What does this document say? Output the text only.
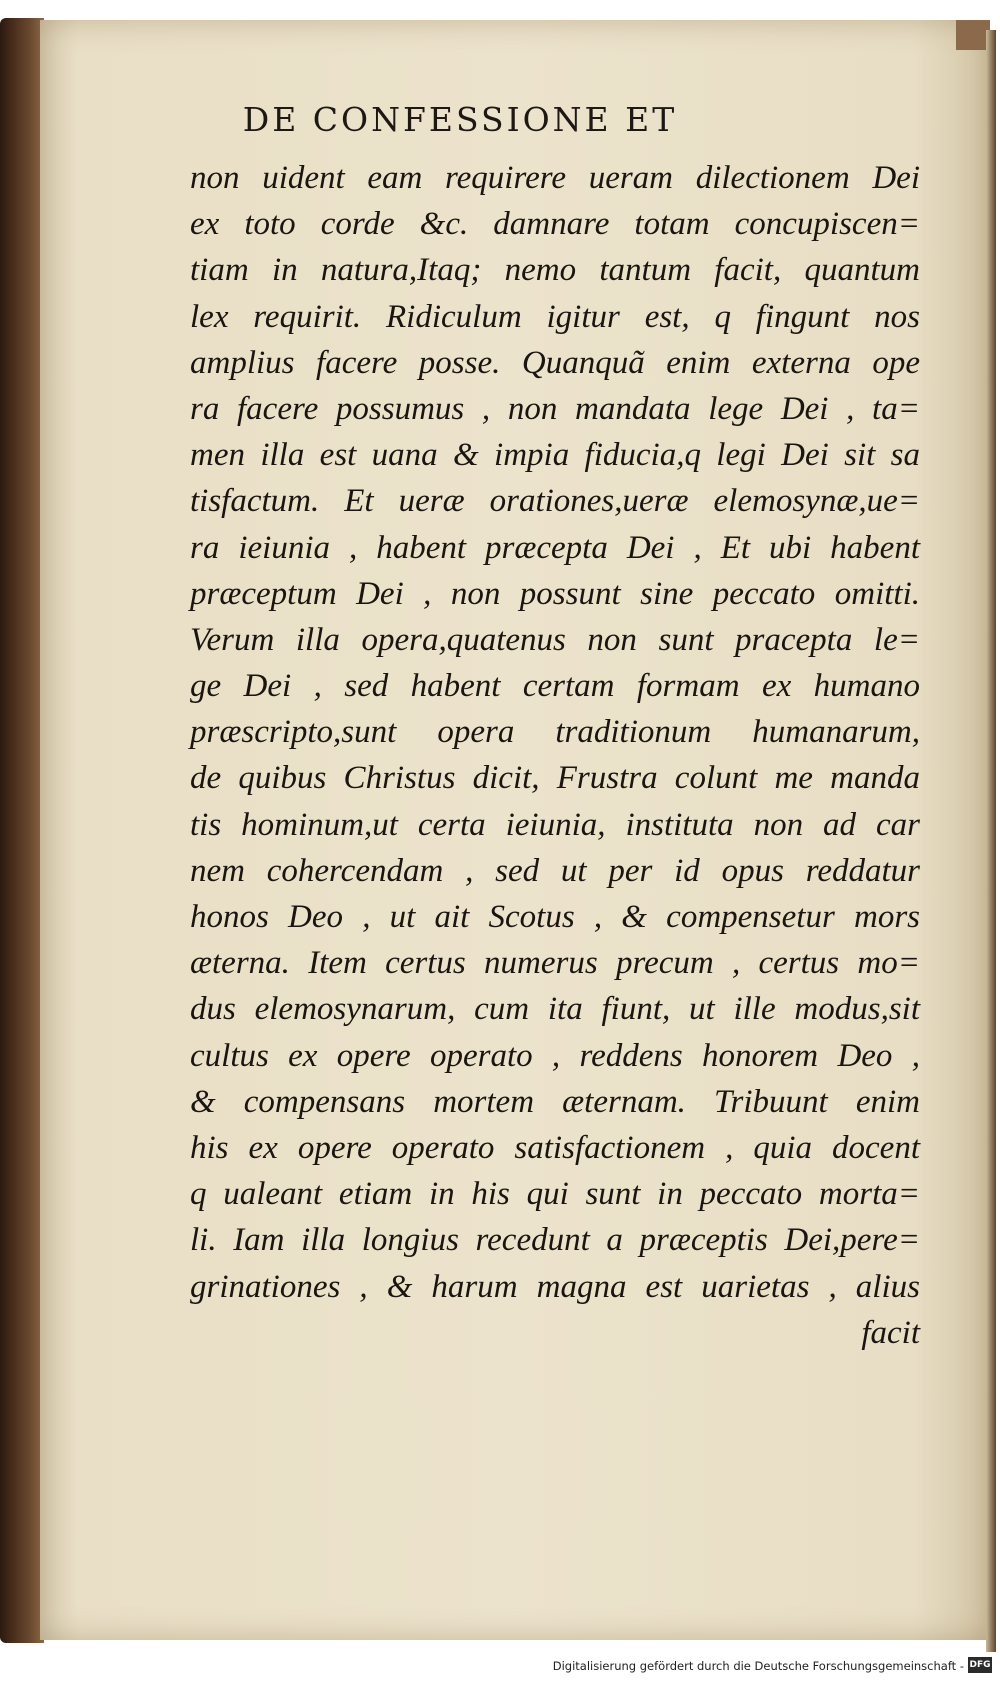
DE CONFESSIONE ET
non uident eam requirere ueram dilectionem Dei
ex toto corde &c. damnare totam concupiscen=
tiam in natura,Itaq; nemo tantum facit, quantum
lex requirit. Ridiculum igitur est, q fingunt nos
amplius facere posse. Quanquã enim externa ope
ra facere possumus , non mandata lege Dei , ta=
men illa est uana & impia fiducia,q legi Dei sit sa
tisfactum. Et ueræ orationes,ueræ elemosynæ,ue=
ra ieiunia , habent præcepta Dei , Et ubi habent
præceptum Dei , non possunt sine peccato omitti.
Verum illa opera,quatenus non sunt pracepta le=
ge Dei , sed habent certam formam ex humano
præscripto,sunt opera traditionum humanarum,
de quibus Christus dicit, Frustra colunt me manda
tis hominum,ut certa ieiunia, instituta non ad car
nem cohercendam , sed ut per id opus reddatur
honos Deo , ut ait Scotus , & compensetur mors
æterna. Item certus numerus precum , certus mo=
dus elemosynarum, cum ita fiunt, ut ille modus,sit
cultus ex opere operato , reddens honorem Deo ,
& compensans mortem æternam. Tribuunt enim
his ex opere operato satisfactionem , quia docent
q ualeant etiam in his qui sunt in peccato morta=
li. Iam illa longius recedunt a præceptis Dei,pere=
grinationes , & harum magna est uarietas , alius
facit
Digitalisierung gefördert durch die Deutsche Forschungsgemeinschaft - DFG
